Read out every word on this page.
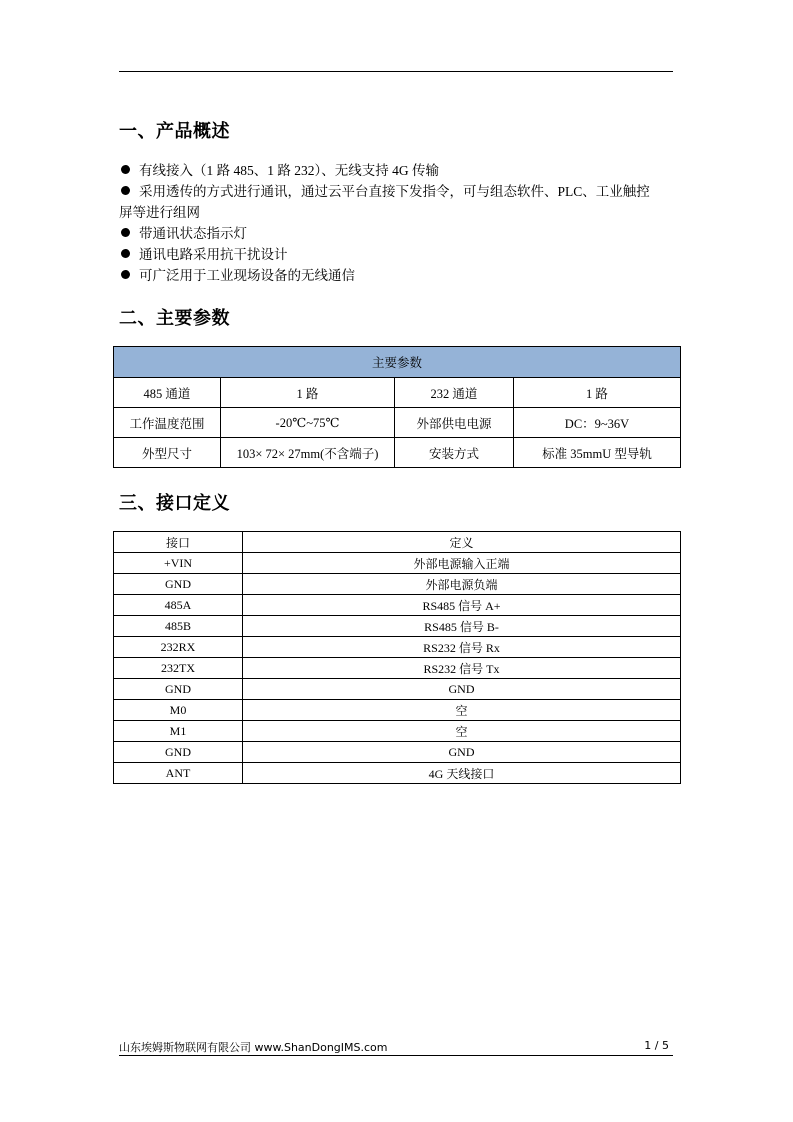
一、产品概述
有线接入（1 路 485、1 路 232）、无线支持 4G 传输
采用透传的方式进行通讯，通过云平台直接下发指令，可与组态软件、PLC、工业触控
屏等进行组网
带通讯状态指示灯
通讯电路采用抗干扰设计
可广泛用于工业现场设备的无线通信
二、主要参数
主要参数			
485 通道	1 路	232 通道	1 路
工作温度范围	-20℃~75℃	外部供电电源	DC：9~36V
外型尺寸	103× 72× 27mm(不含端子)	安装方式	标准 35mmU 型导轨
三、接口定义
接口	定义
+VIN	外部电源输入正端
GND	外部电源负端
485A	RS485 信号 A+
485B	RS485 信号 B-
232RX	RS232 信号 Rx
232TX	RS232 信号 Tx
GND	GND
M0	空
M1	空
GND	GND
ANT	4G 天线接口
山东埃姆斯物联网有限公司 www.ShanDongIMS.com	1 / 5
